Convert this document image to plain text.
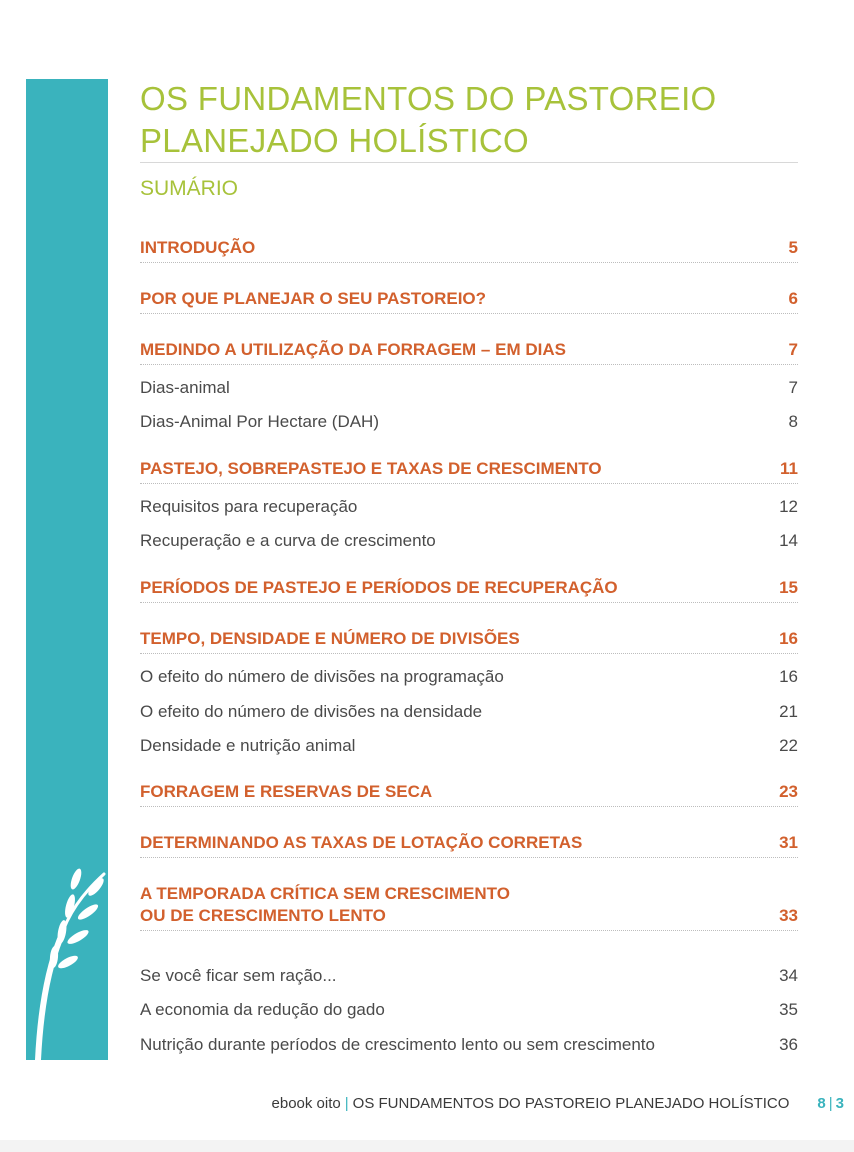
OS FUNDAMENTOS DO PASTOREIO
PLANEJADO HOLÍSTICO
SUMÁRIO
INTRODUÇÃO	5
POR QUE PLANEJAR O SEU PASTOREIO?	6
MEDINDO A UTILIZAÇÃO DA FORRAGEM – EM DIAS	7
Dias-animal	7
Dias-Animal Por Hectare (DAH)	8
PASTEJO, SOBREPASTEJO E TAXAS DE CRESCIMENTO	11
Requisitos para recuperação	12
Recuperação e a curva de crescimento	14
PERÍODOS DE PASTEJO E PERÍODOS DE RECUPERAÇÃO	15
TEMPO, DENSIDADE E NÚMERO DE DIVISÕES	16
O efeito do número de divisões na programação	16
O efeito do número de divisões na densidade	21
Densidade e nutrição animal	22
FORRAGEM E RESERVAS DE SECA	23
DETERMINANDO AS TAXAS DE LOTAÇÃO CORRETAS	31
A TEMPORADA CRÍTICA SEM CRESCIMENTO
OU DE CRESCIMENTO LENTO	33
Se você ficar sem ração...	34
A economia da redução do gado	35
Nutrição durante períodos de crescimento lento ou sem crescimento	36
ebook oito | OS FUNDAMENTOS DO PASTOREIO PLANEJADO HOLÍSTICO 8 | 3
